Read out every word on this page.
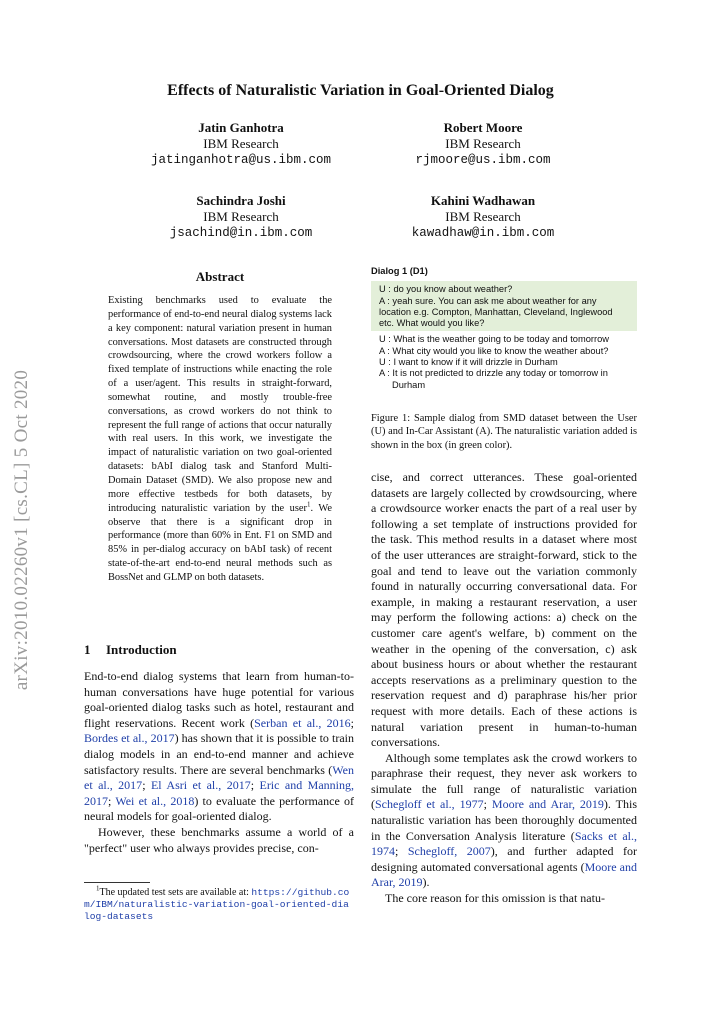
arXiv:2010.02260v1 [cs.CL] 5 Oct 2020
Effects of Naturalistic Variation in Goal-Oriented Dialog
Jatin Ganhotra
IBM Research
jatinganhotra@us.ibm.com
Robert Moore
IBM Research
rjmoore@us.ibm.com
Sachindra Joshi
IBM Research
jsachind@in.ibm.com
Kahini Wadhawan
IBM Research
kawadhaw@in.ibm.com
Abstract
Existing benchmarks used to evaluate the performance of end-to-end neural dialog systems lack a key component: natural variation present in human conversations. Most datasets are constructed through crowdsourcing, where the crowd workers follow a fixed template of instructions while enacting the role of a user/agent. This results in straight-forward, somewhat routine, and mostly trouble-free conversations, as crowd workers do not think to represent the full range of actions that occur naturally with real users. In this work, we investigate the impact of naturalistic variation on two goal-oriented datasets: bAbI dialog task and Stanford Multi-Domain Dataset (SMD). We also propose new and more effective testbeds for both datasets, by introducing naturalistic variation by the user$^1$. We observe that there is a significant drop in performance (more than 60% in Ent. F1 on SMD and 85% in per-dialog accuracy on bAbI task) of recent state-of-the-art end-to-end neural methods such as BossNet and GLMP on both datasets.
1 Introduction

End-to-end dialog systems that learn from human-to-human conversations have huge potential for various goal-oriented dialog tasks such as hotel, restaurant and flight reservations. Recent work (Serban et al., 2016; Bordes et al., 2017) has shown that it is possible to train dialog models in an end-to-end manner and achieve satisfactory results. There are several benchmarks (Wen et al., 2017; El Asri et al., 2017; Eric and Manning, 2017; Wei et al., 2018) to evaluate the performance of neural models for goal-oriented dialog.

However, these benchmarks assume a world of a "perfect" user who always provides precise, con-

$^1$The updated test sets are available at: https://github.com/IBM/naturalistic-variation-goal-oriented-dialog-datasets
Dialog 1 (D1)
U : do you know about weather?
A : yeah sure. You can ask me about weather for any location e.g. Compton, Manhattan, Cleveland, Inglewood etc. What would you like?
U : What is the weather going to be today and tomorrow
A : What city would you like to know the weather about?
U : I want to know if it will drizzle in Durham
A : It is not predicted to drizzle any today or tomorrow in
Durham
Figure 1: Sample dialog from SMD dataset between the User (U) and In-Car Assistant (A). The naturalistic variation added is shown in the box (in green color).

cise, and correct utterances. These goal-oriented datasets are largely collected by crowdsourcing, where a crowdsource worker enacts the part of a real user by following a set template of instructions provided for the task. This method results in a dataset where most of the user utterances are straight-forward, stick to the goal and tend to leave out the variation commonly found in naturally occurring conversational data. For example, in making a restaurant reservation, a user may perform the following actions: a) check on the customer care agent's welfare, b) comment on the weather in the opening of the conversation, c) ask about business hours or about whether the restaurant accepts reservations as a preliminary question to the reservation request and d) paraphrase his/her prior request with more details. Each of these actions is natural variation present in human-to-human conversations.

Although some templates ask the crowd workers to paraphrase their request, they never ask workers to simulate the full range of naturalistic variation (Schegloff et al., 1977; Moore and Arar, 2019). This naturalistic variation has been thoroughly documented in the Conversation Analysis literature (Sacks et al., 1974; Schegloff, 2007), and further adapted for designing automated conversational agents (Moore and Arar, 2019).

The core reason for this omission is that natu-
